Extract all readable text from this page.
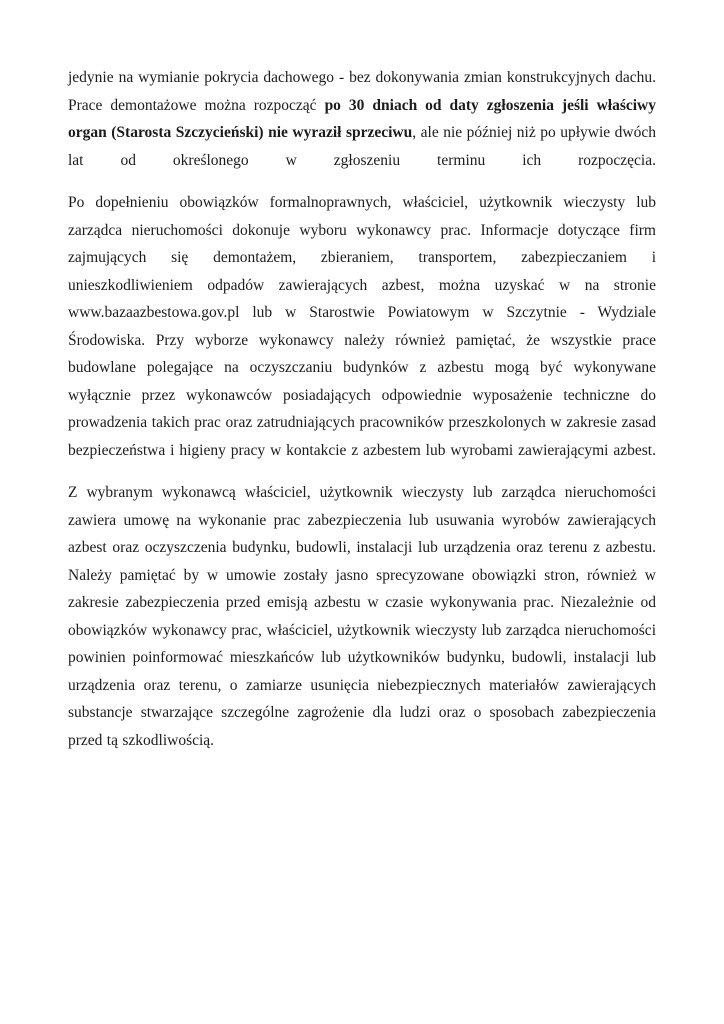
jedynie na wymianie pokrycia dachowego - bez dokonywania zmian konstrukcyjnych dachu. Prace demontażowe można rozpocząć po 30 dniach od daty zgłoszenia jeśli właściwy organ (Starosta Szczycieński) nie wyraził sprzeciwu, ale nie później niż po upływie dwóch lat od określonego w zgłoszeniu terminu ich rozpoczęcia.

Po dopełnieniu obowiązków formalnoprawnych, właściciel, użytkownik wieczysty lub zarządca nieruchomości dokonuje wyboru wykonawcy prac. Informacje dotyczące firm zajmujących się demontażem, zbieraniem, transportem, zabezpieczaniem i unieszkodliwieniem odpadów zawierających azbest, można uzyskać w na stronie www.bazaazbestowa.gov.pl lub w Starostwie Powiatowym w Szczytnie - Wydziale Środowiska. Przy wyborze wykonawcy należy również pamiętać, że wszystkie prace budowlane polegające na oczyszczaniu budynków z azbestu mogą być wykonywane wyłącznie przez wykonawców posiadających odpowiednie wyposażenie techniczne do prowadzenia takich prac oraz zatrudniających pracowników przeszkolonych w zakresie zasad bezpieczeństwa i higieny pracy w kontakcie z azbestem lub wyrobami zawierającymi azbest.

Z wybranym wykonawcą właściciel, użytkownik wieczysty lub zarządca nieruchomości zawiera umowę na wykonanie prac zabezpieczenia lub usuwania wyrobów zawierających azbest oraz oczyszczenia budynku, budowli, instalacji lub urządzenia oraz terenu z azbestu. Należy pamiętać by w umowie zostały jasno sprecyzowane obowiązki stron, również w zakresie zabezpieczenia przed emisją azbestu w czasie wykonywania prac. Niezależnie od obowiązków wykonawcy prac, właściciel, użytkownik wieczysty lub zarządca nieruchomości powinien poinformować mieszkańców lub użytkowników budynku, budowli, instalacji lub urządzenia oraz terenu, o zamiarze usunięcia niebezpiecznych materiałów zawierających substancje stwarzające szczególne zagrożenie dla ludzi oraz o sposobach zabezpieczenia przed tą szkodliwością.
